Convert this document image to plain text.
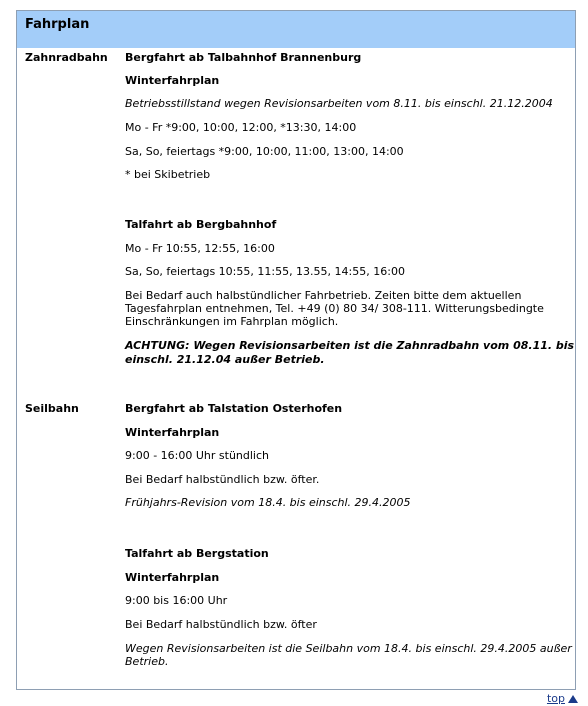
Fahrplan
Zahnradbahn Bergfahrt ab Talbahnhof Brannenburg
Winterfahrplan
Betriebsstillstand wegen Revisionsarbeiten vom 8.11. bis einschl. 21.12.2004
Mo - Fr *9:00, 10:00, 12:00, *13:30, 14:00
Sa, So, feiertags *9:00, 10:00, 11:00, 13:00, 14:00
* bei Skibetrieb
Talfahrt ab Bergbahnhof
Mo - Fr 10:55, 12:55, 16:00
Sa, So, feiertags 10:55, 11:55, 13.55, 14:55, 16:00
Bei Bedarf auch halbstündlicher Fahrbetrieb. Zeiten bitte dem aktuellen
Tagesfahrplan entnehmen, Tel. +49 (0) 80 34/ 308-111. Witterungsbedingte
Einschränkungen im Fahrplan möglich.
ACHTUNG: Wegen Revisionsarbeiten ist die Zahnradbahn vom 08.11. bis
einschl. 21.12.04 außer Betrieb.
Seilbahn	Bergfahrt ab Talstation Osterhofen
Winterfahrplan
9:00 - 16:00 Uhr stündlich
Bei Bedarf halbstündlich bzw. öfter.
Frühjahrs-Revision vom 18.4. bis einschl. 29.4.2005
Talfahrt ab Bergstation
Winterfahrplan
9:00 bis 16:00 Uhr
Bei Bedarf halbstündlich bzw. öfter
Wegen Revisionsarbeiten ist die Seilbahn vom 18.4. bis einschl. 29.4.2005 außer
Betrieb.
top
